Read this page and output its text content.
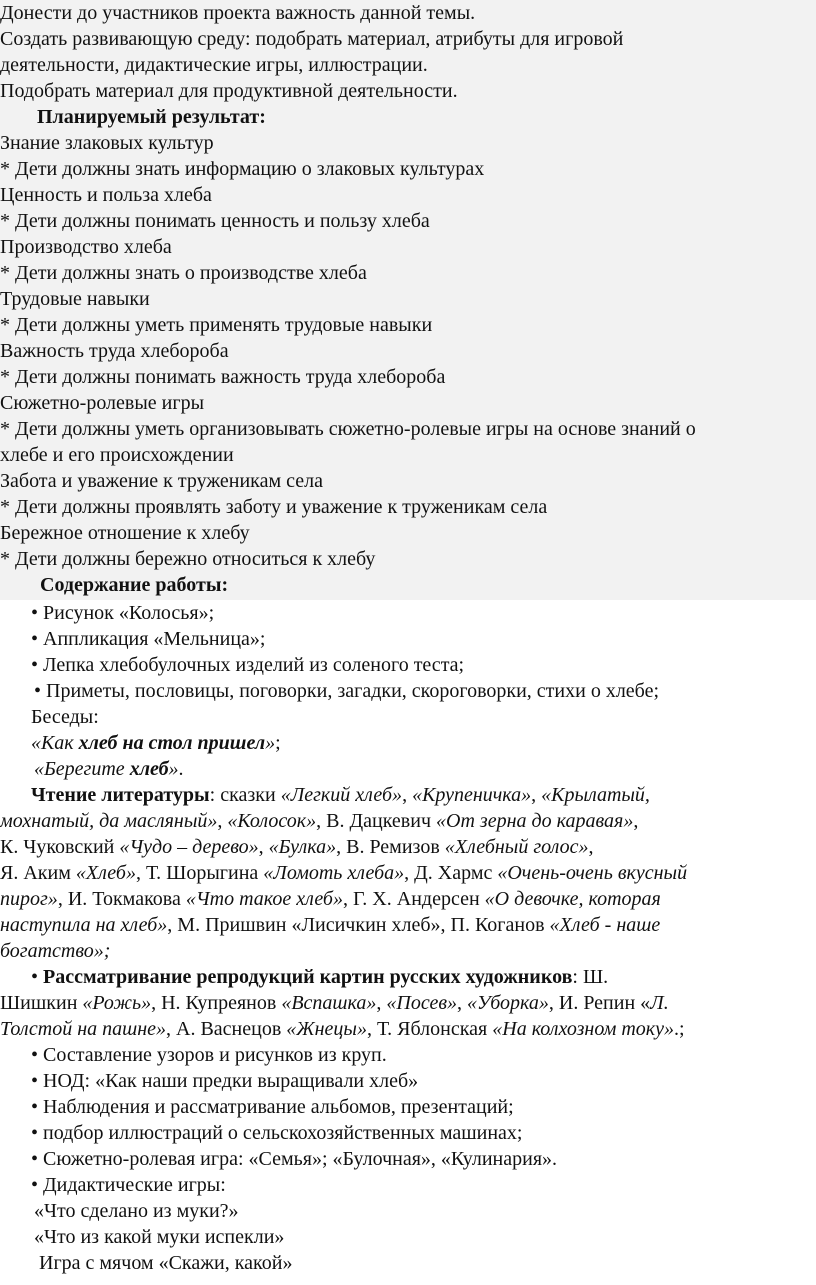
Донести до участников проекта важность данной темы.

Создать развивающую среду: подобрать материал, атрибуты для игровой

деятельности, дидактические игры, иллюстрации.

Подобрать материал для продуктивной деятельности.

Планируемый результат:

Знание злаковых культур

* Дети должны знать информацию о злаковых культурах

Ценность и польза хлеба

* Дети должны понимать ценность и пользу хлеба

Производство хлеба

* Дети должны знать о производстве хлеба

Трудовые навыки

* Дети должны уметь применять трудовые навыки

Важность труда хлебороба

* Дети должны понимать важность труда хлебороба

Сюжетно-ролевые игры

* Дети должны уметь организовывать сюжетно-ролевые игры на основе знаний о

хлебе и его происхождении

Забота и уважение к труженикам села

* Дети должны проявлять заботу и уважение к труженикам села

Бережное отношение к хлебу

* Дети должны бережно относиться к хлебу

Содержание работы:

• Рисунок «Колосья»;

• Аппликация «Мельница»;

• Лепка хлебобулочных изделий из соленого теста;

• Приметы, пословицы, поговорки, загадки, скороговорки, стихи о хлебе;

Беседы:

«Как хлеб на стол пришел»;

«Берегите хлеб».

Чтение литературы: сказки «Легкий хлеб», «Крупеничка», «Крылатый,

мохнатый, да масляный», «Колосок», В. Дацкевич «От зерна до каравая»,

К. Чуковский «Чудо – дерево», «Булка», В. Ремизов «Хлебный голос»,

Я. Аким «Хлеб», Т. Шорыгина «Ломоть хлеба», Д. Хармс «Очень-очень вкусный

пирог», И. Токмакова «Что такое хлеб», Г. Х. Андерсен «О девочке, которая

наступила на хлеб», М. Пришвин «Лисичкин хлеб», П. Коганов «Хлеб - наше

богатство»;

• Рассматривание репродукций картин русских художников: Ш.

Шишкин «Рожь», Н. Купреянов «Вспашка», «Посев», «Уборка», И. Репин «Л.

Толстой на пашне», А. Васнецов «Жнецы», Т. Яблонская «На колхозном току».;

• Составление узоров и рисунков из круп.

• НОД: «Как наши предки выращивали хлеб»

• Наблюдения и рассматривание альбомов, презентаций;

• подбор иллюстраций о сельскохозяйственных машинах;

• Сюжетно-ролевая игра: «Семья»; «Булочная», «Кулинария».

• Дидактические игры:

«Что сделано из муки?»

«Что из какой муки испекли»

Игра с мячом «Скажи, какой»
